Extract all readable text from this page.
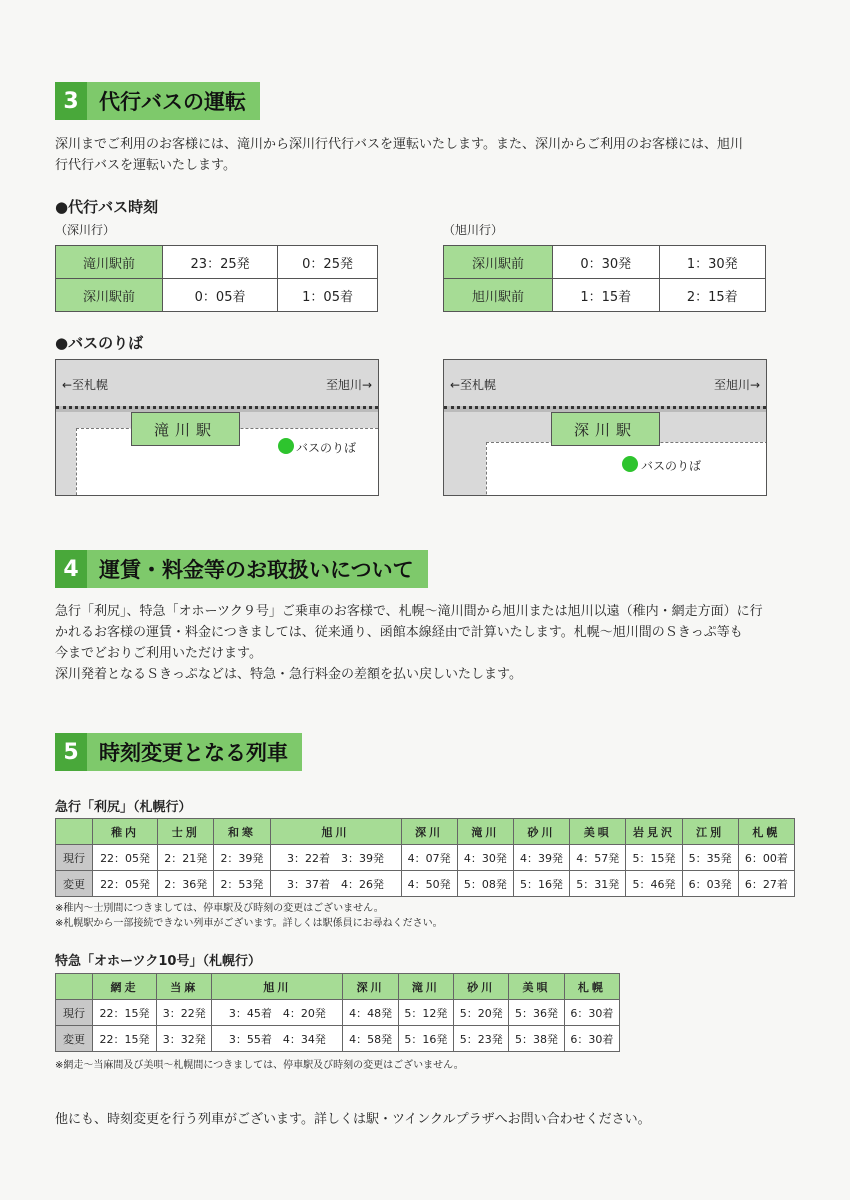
3 代行バスの運転
深川までご利用のお客様には、滝川から深川行代行バスを運転いたします。また、深川からご利用のお客様には、旭川
行代行バスを運転いたします。
●代行バス時刻
（深川行）	（旭川行）
滝川駅前	23：25発	0：25発
深川駅前	0：05着	1：05着
深川駅前	0：30発	1：30発
旭川駅前	1：15着	2：15着
●バスのりば
←至札幌	至旭川→
滝川駅
バスのりば
←至札幌	至旭川→
深川駅
バスのりば
4 運賃・料金等のお取扱いについて
急行「利尻」、特急「オホーツク９号」ご乗車のお客様で、札幌～滝川間から旭川または旭川以遠（稚内・網走方面）に行
かれるお客様の運賃・料金につきましては、従来通り、函館本線経由で計算いたします。札幌～旭川間のＳきっぷ等も
今までどおりご利用いただけます。
深川発着となるＳきっぷなどは、特急・急行料金の差額を払い戻しいたします。
5 時刻変更となる列車
急行「利尻」（札幌行）
	稚内	士別	和寒	旭川	深川	滝川	砂川	美唄	岩見沢	江別	札幌
現行	22：05発	2：21発	2：39発	3：22着　3：39発	4：07発	4：30発	4：39発	4：57発	5：15発	5：35発	6：00着
変更	22：05発	2：36発	2：53発	3：37着　4：26発	4：50発	5：08発	5：16発	5：31発	5：46発	6：03発	6：27着
※稚内～士別間につきましては、停車駅及び時刻の変更はございません。
※札幌駅から一部接続できない列車がございます。詳しくは駅係員にお尋ねください。
特急「オホーツク10号」（札幌行）
	網走	当麻	旭川	深川	滝川	砂川	美唄	札幌
現行	22：15発	3：22発	3：45着　4：20発	4：48発	5：12発	5：20発	5：36発	6：30着
変更	22：15発	3：32発	3：55着　4：34発	4：58発	5：16発	5：23発	5：38発	6：30着
※網走～当麻間及び美唄～札幌間につきましては、停車駅及び時刻の変更はございません。
他にも、時刻変更を行う列車がございます。詳しくは駅・ツインクルプラザへお問い合わせください。
